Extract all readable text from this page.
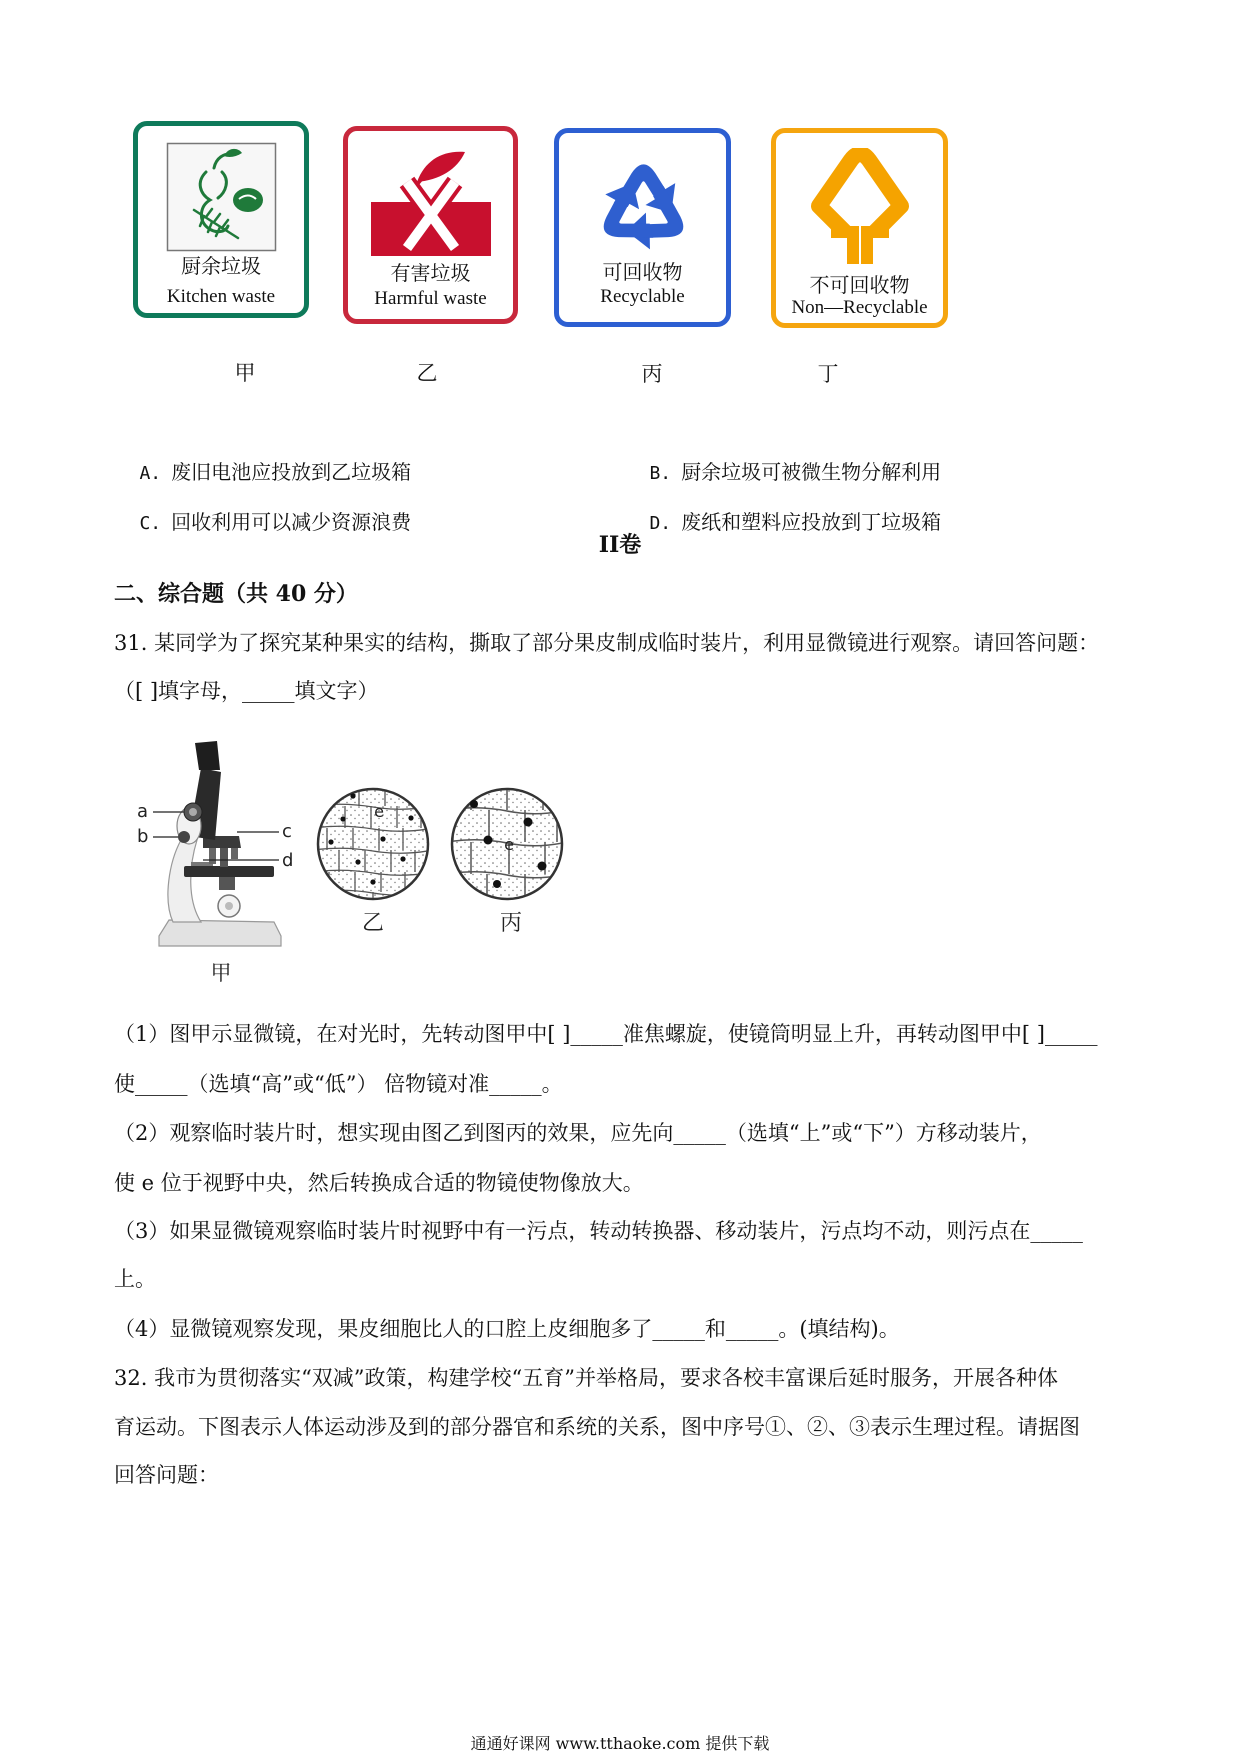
厨余垃圾
Kitchen waste
有害垃圾
Harmful waste
可回收物
Recyclable	不可回收物
Non—Recyclable
甲	乙	丙	丁

A. 废旧电池应投放到乙垃圾箱
	B. 厨余垃圾可被微生物分解利用

C. 回收利用可以减少资源浪费
	D. 废纸和塑料应投放到丁垃圾箱

II卷
二、综合题（共 40 分）
31. 某同学为了探究某种果实的结构，撕取了部分果皮制成临时装片，利用显微镜进行观察。请回答问题：
（[ ]填字母，_____填文字）
a
b	c
d
甲
e
乙
e
丙
（1）图甲示显微镜，在对光时，先转动图甲中[ ]_____准焦螺旋，使镜筒明显上升，再转动图甲中[ ]_____
使_____（选填“高”或“低”） 倍物镜对准_____。
（2）观察临时装片时，想实现由图乙到图丙的效果，应先向_____（选填“上”或“下”）方移动装片，
使 e 位于视野中央，然后转换成合适的物镜使物像放大。
（3）如果显微镜观察临时装片时视野中有一污点，转动转换器、移动装片，污点均不动，则污点在_____
上。
（4）显微镜观察发现，果皮细胞比人的口腔上皮细胞多了_____和_____。(填结构)。
32. 我市为贯彻落实“双减”政策，构建学校“五育”并举格局，要求各校丰富课后延时服务，开展各种体
育运动。下图表示人体运动涉及到的部分器官和系统的关系，图中序号①、②、③表示生理过程。请据图
回答问题：
通通好课网 www.tthaoke.com 提供下载
